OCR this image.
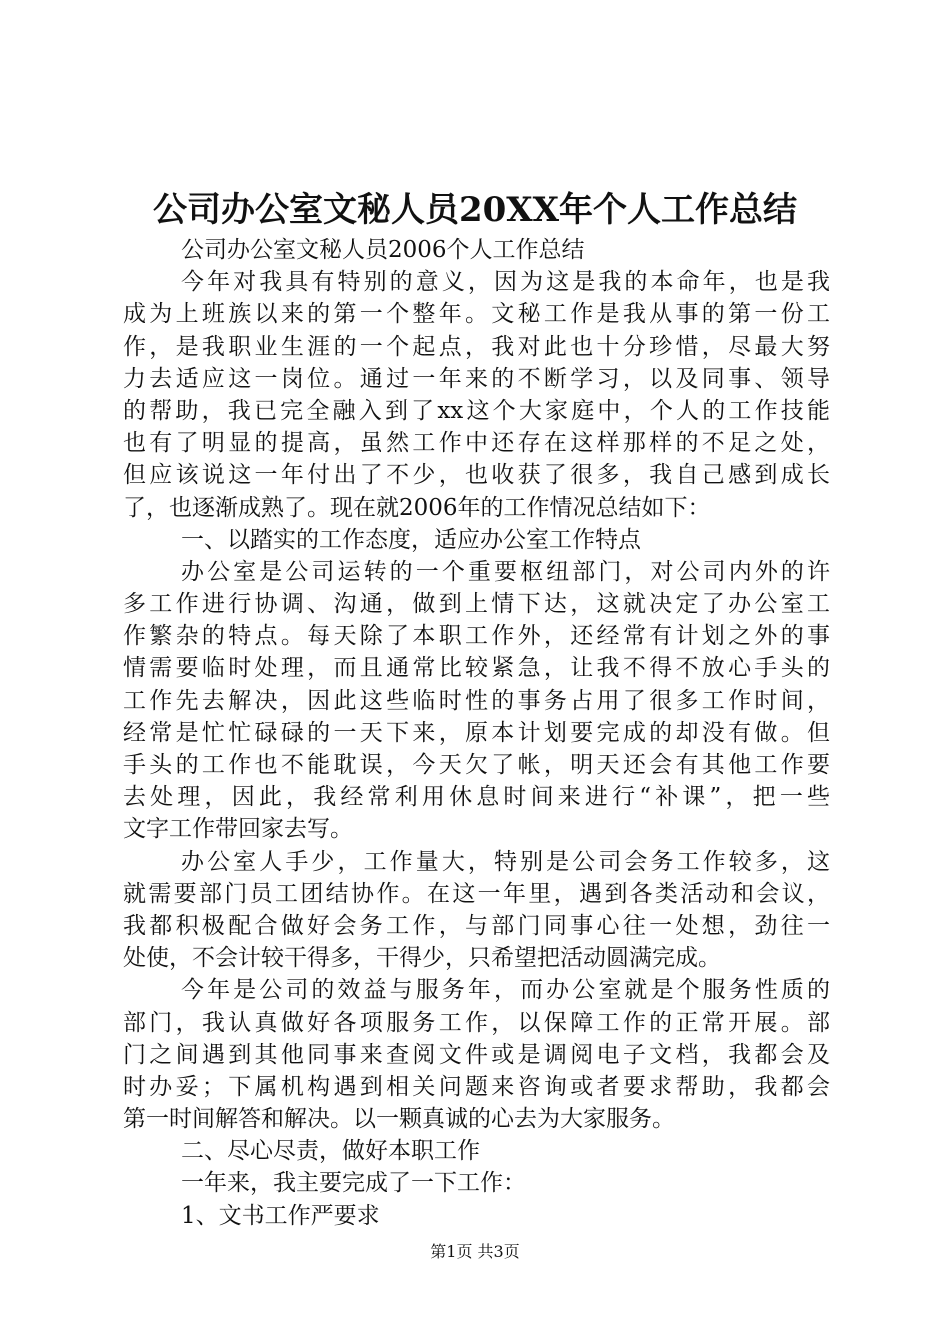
公司办公室文秘人员20XX年个人工作总结
公司办公室文秘人员2006个人工作总结
今年对我具有特别的意义，因为这是我的本命年，也是我
成为上班族以来的第一个整年。文秘工作是我从事的第一份工
作，是我职业生涯的一个起点，我对此也十分珍惜，尽最大努
力去适应这一岗位。通过一年来的不断学习，以及同事、领导
的帮助，我已完全融入到了xx这个大家庭中，个人的工作技能
也有了明显的提高，虽然工作中还存在这样那样的不足之处，
但应该说这一年付出了不少，也收获了很多，我自己感到成长
了，也逐渐成熟了。现在就2006年的工作情况总结如下：
一、以踏实的工作态度，适应办公室工作特点
办公室是公司运转的一个重要枢纽部门，对公司内外的许
多工作进行协调、沟通，做到上情下达，这就决定了办公室工
作繁杂的特点。每天除了本职工作外，还经常有计划之外的事
情需要临时处理，而且通常比较紧急，让我不得不放心手头的
工作先去解决，因此这些临时性的事务占用了很多工作时间，
经常是忙忙碌碌的一天下来，原本计划要完成的却没有做。但
手头的工作也不能耽误，今天欠了帐，明天还会有其他工作要
去处理，因此，我经常利用休息时间来进行“补课”，把一些
文字工作带回家去写。
办公室人手少，工作量大，特别是公司会务工作较多，这
就需要部门员工团结协作。在这一年里，遇到各类活动和会议，
我都积极配合做好会务工作，与部门同事心往一处想，劲往一
处使，不会计较干得多，干得少，只希望把活动圆满完成。
今年是公司的效益与服务年，而办公室就是个服务性质的
部门，我认真做好各项服务工作，以保障工作的正常开展。部
门之间遇到其他同事来查阅文件或是调阅电子文档，我都会及
时办妥；下属机构遇到相关问题来咨询或者要求帮助，我都会
第一时间解答和解决。以一颗真诚的心去为大家服务。
二、尽心尽责，做好本职工作
一年来，我主要完成了一下工作：
1、文书工作严要求
第1页 共3页
